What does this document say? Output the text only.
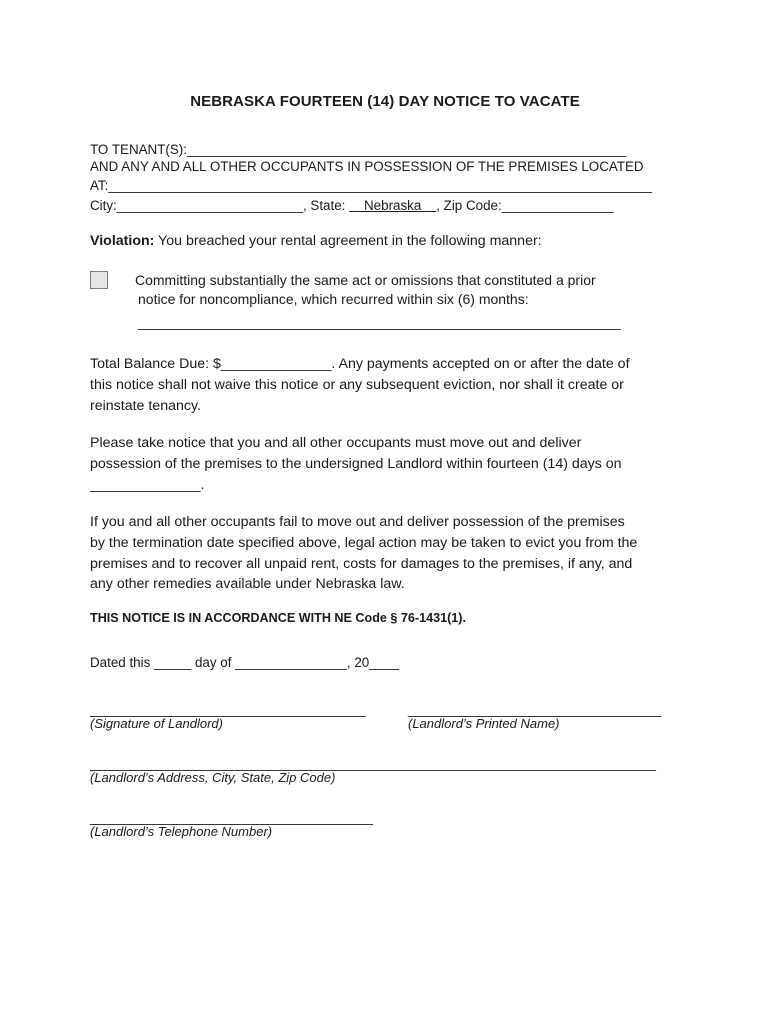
NEBRASKA FOURTEEN (14) DAY NOTICE TO VACATE
TO TENANT(S):___________________________________________________________
AND ANY AND ALL OTHER OCCUPANTS IN POSSESSION OF THE PREMISES LOCATED
AT:_________________________________________________________________________
City:_________________________, State:     Nebraska    , Zip Code:_______________
Violation: You breached your rental agreement in the following manner:
Committing substantially the same act or omissions that constituted a prior
notice for noncompliance, which recurred within six (6) months:
______________________________________________________________
Total Balance Due: $______________. Any payments accepted on or after the date of
this notice shall not waive this notice or any subsequent eviction, nor shall it create or
reinstate tenancy.
Please take notice that you and all other occupants must move out and deliver
possession of the premises to the undersigned Landlord within fourteen (14) days on
______________.
If you and all other occupants fail to move out and deliver possession of the premises
by the termination date specified above, legal action may be taken to evict you from the
premises and to recover all unpaid rent, costs for damages to the premises, if any, and
any other remedies available under Nebraska law.
THIS NOTICE IS IN ACCORDANCE WITH NE Code § 76-1431(1).
Dated this _____ day of _______________, 20____
_____________________________________	__________________________________
(Signature of Landlord)	(Landlord’s Printed Name)
____________________________________________________________________________
(Landlord’s Address, City, State, Zip Code)
______________________________________
(Landlord’s Telephone Number)
